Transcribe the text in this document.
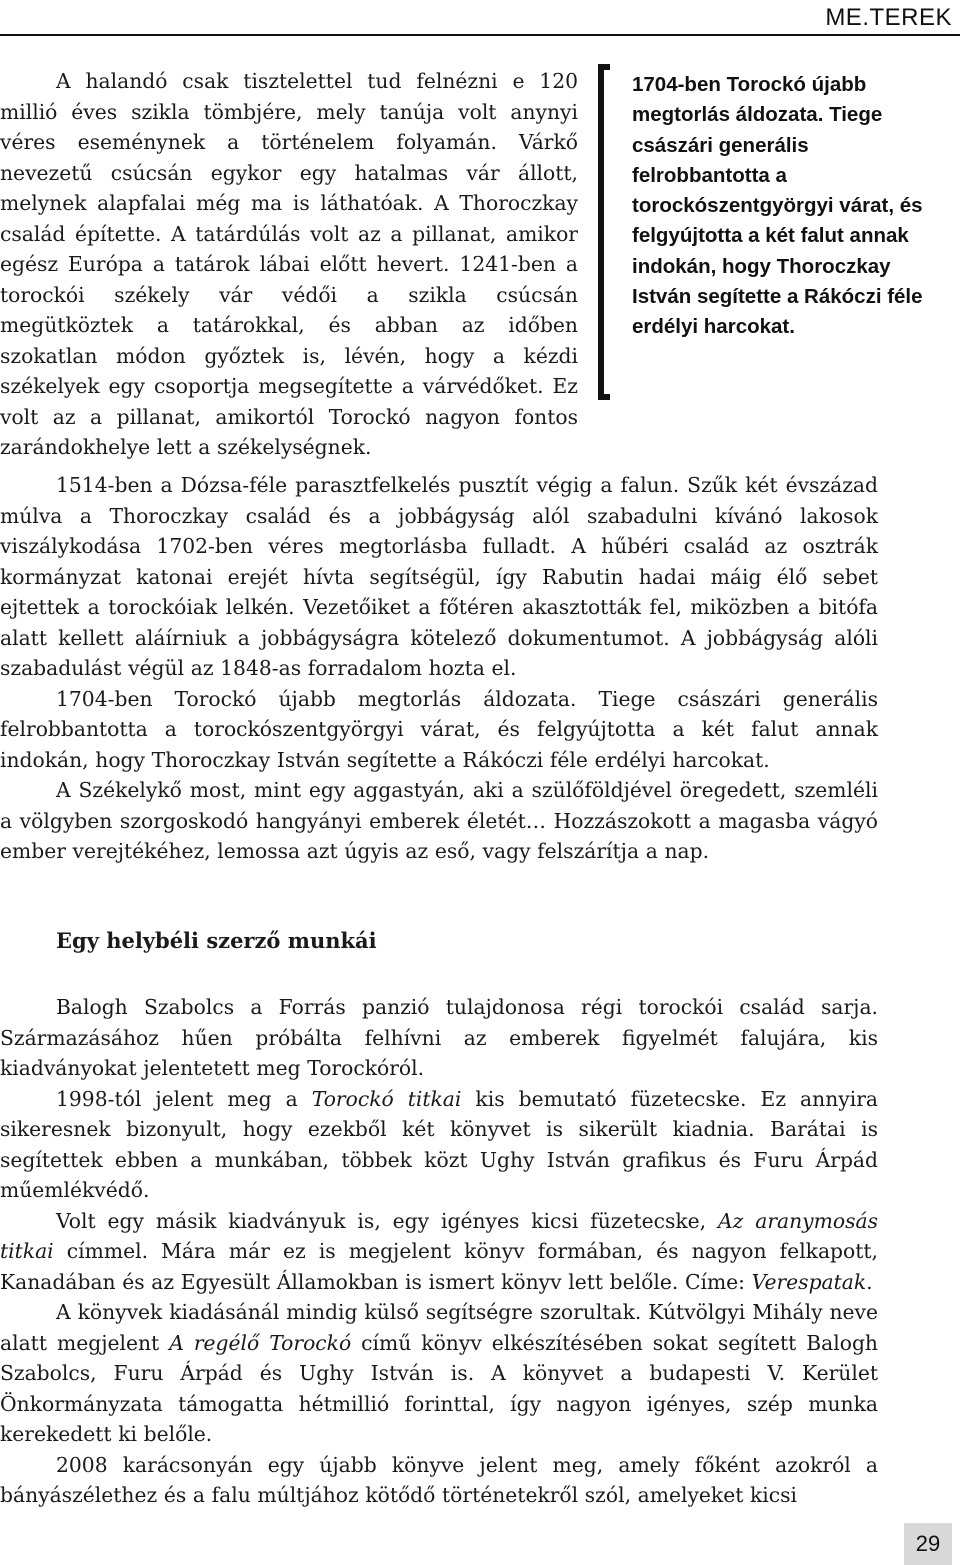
ME.TEREK

A halandó csak tisztelettel tud felnézni e 120 millió éves szikla tömbjére, mely tanúja volt anynyi véres eseménynek a történelem folyamán. Várkő nevezetű csúcsán egykor egy hatalmas vár állott, melynek alapfalai még ma is láthatóak. A Thoroczkay család építette. A tatárdúlás volt az a pillanat, amikor egész Európa a tatárok lábai előtt hevert. 1241-ben a torockói székely vár védői a szikla csúcsán megütköztek a tatárokkal, és abban az időben szokatlan módon győztek is, lévén, hogy a kézdi székelyek egy csoportja megsegítette a várvédőket. Ez volt az a pillanat, amikortól Torockó nagyon fontos zarándokhelye lett a székelységnek.

1704-ben Torockó újabb megtorlás áldozata. Tiege császári generális felrobbantotta a torockószentgyörgyi várat, és felgyújtotta a két falut annak indokán, hogy Thoroczkay István segítette a Rákóczi féle erdélyi harcokat.

1514-ben a Dózsa-féle parasztfelkelés pusztít végig a falun. Szűk két évszázad múlva a Thoroczkay család és a jobbágyság alól szabadulni kívánó lakosok viszálykodása 1702-ben véres megtorlásba fulladt. A hűbéri család az osztrák kormányzat katonai erejét hívta segítségül, így Rabutin hadai máig élő sebet ejtettek a torockóiak lelkén. Vezetőiket a főtéren akasztották fel, miközben a bitófa alatt kellett aláírniuk a jobbágyságra kötelező dokumentumot. A jobbágyság alóli szabadulást végül az 1848-as forradalom hozta el.

1704-ben Torockó újabb megtorlás áldozata. Tiege császári generális felrobbantotta a torockószentgyörgyi várat, és felgyújtotta a két falut annak indokán, hogy Thoroczkay István segítette a Rákóczi féle erdélyi harcokat.

A Székelykő most, mint egy aggastyán, aki a szülőföldjével öregedett, szemléli a völgyben szorgoskodó hangyányi emberek életét… Hozzászokott a magasba vágyó ember verejtékéhez, lemossa azt úgyis az eső, vagy felszárítja a nap.

Egy helybéli szerző munkái

Balogh Szabolcs a Forrás panzió tulajdonosa régi torockói család sarja. Származásához hűen próbálta felhívni az emberek figyelmét falujára, kis kiadványokat jelentetett meg Torockóról.

1998-tól jelent meg a Torockó titkai kis bemutató füzetecske. Ez annyira sikeresnek bizonyult, hogy ezekből két könyvet is sikerült kiadnia. Barátai is segítettek ebben a munkában, többek közt Ughy István grafikus és Furu Árpád műemlékvédő.

Volt egy másik kiadványuk is, egy igényes kicsi füzetecske, Az aranymosás titkai címmel. Mára már ez is megjelent könyv formában, és nagyon felkapott, Kanadában és az Egyesült Államokban is ismert könyv lett belőle. Címe: Verespatak.

A könyvek kiadásánál mindig külső segítségre szorultak. Kútvölgyi Mihály neve alatt megjelent A regélő Torockó című könyv elkészítésében sokat segített Balogh Szabolcs, Furu Árpád és Ughy István is. A könyvet a budapesti V. Kerület Önkormányzata támogatta hétmillió forinttal, így nagyon igényes, szép munka kerekedett ki belőle.

2008 karácsonyán egy újabb könyve jelent meg, amely főként azokról a bányászélethez és a falu múltjához kötődő történetekről szól, amelyeket kicsi

29
